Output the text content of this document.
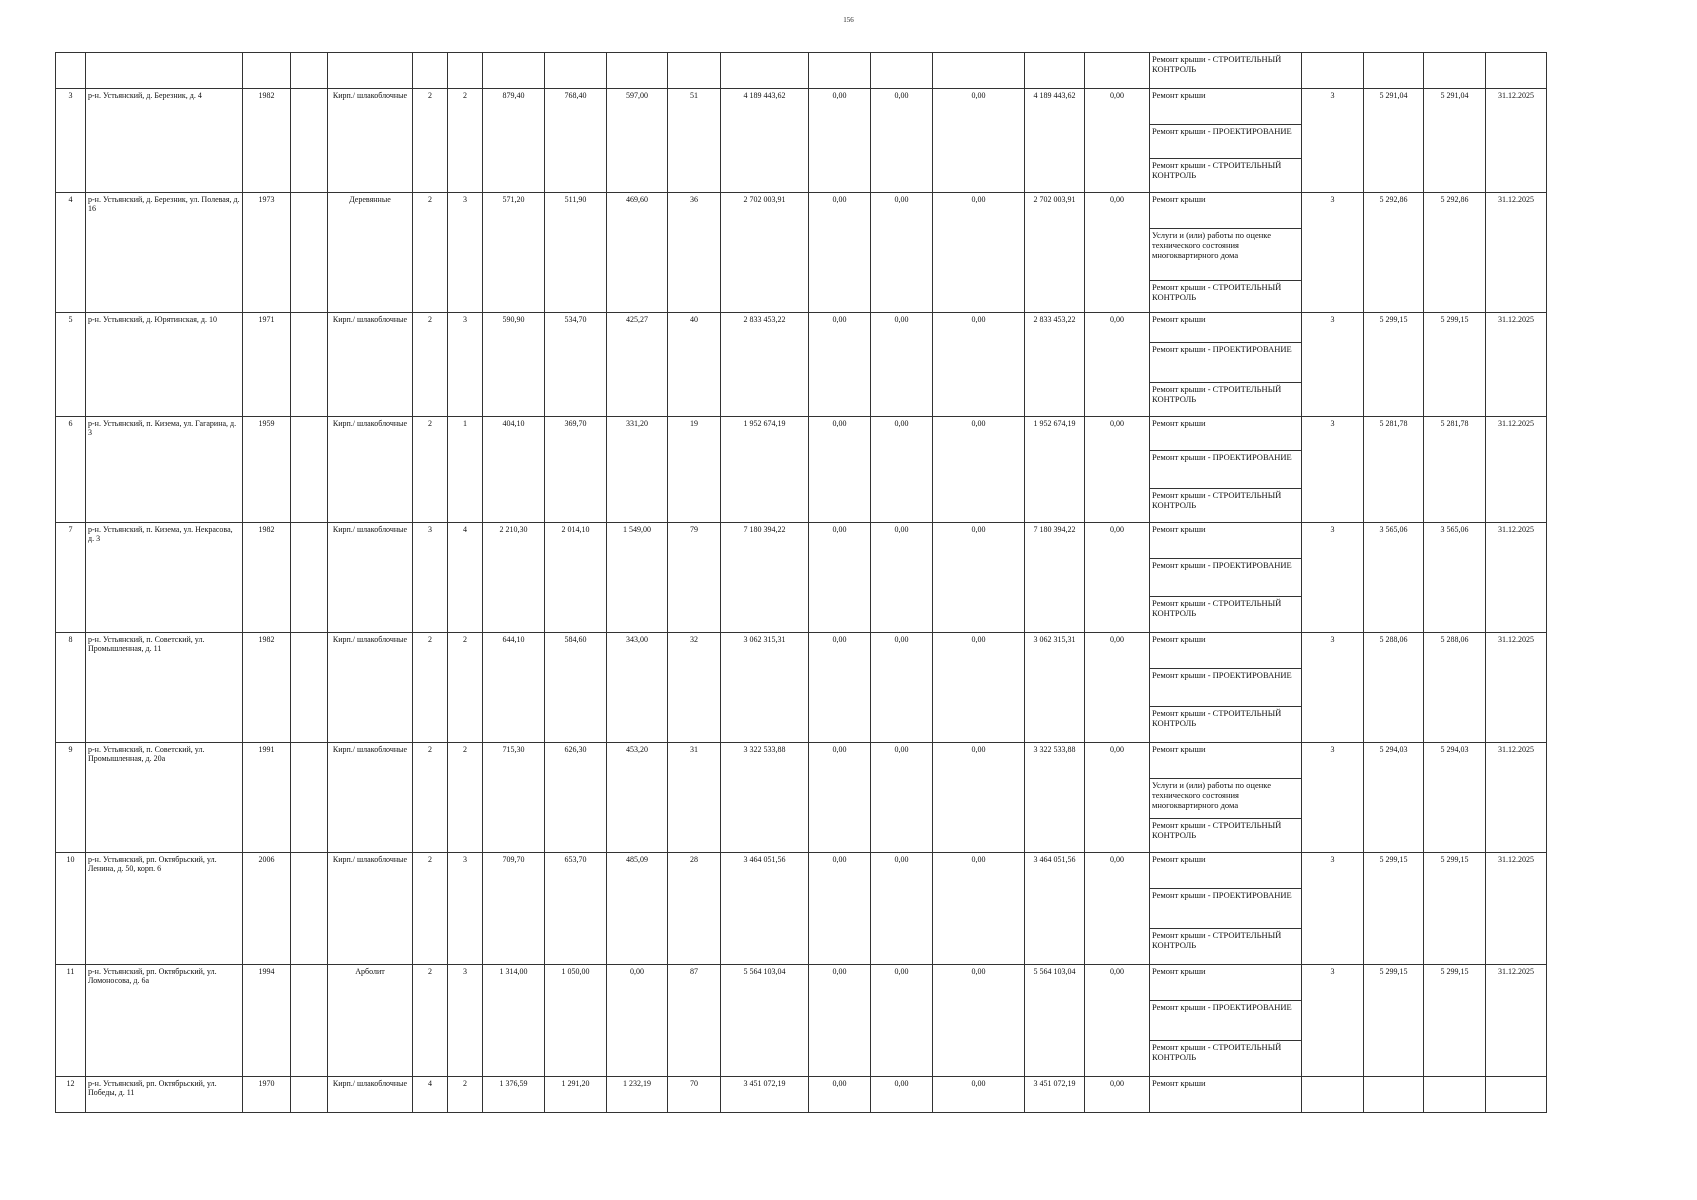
156
																	Ремонт крыши - СТРОИТЕЛЬНЫЙ КОНТРОЛЬ				
3	р-н. Устьянский, д. Березник, д. 4	1982		Кирп./ шлакоблочные	2	2	879,40	768,40	597,00	51	4 189 443,62	0,00	0,00	0,00	4 189 443,62	0,00	Ремонт крыши	3	5 291,04	5 291,04	31.12.2025
																	Ремонт крыши - ПРОЕКТИРОВАНИЕ				
																	Ремонт крыши - СТРОИТЕЛЬНЫЙ КОНТРОЛЬ				
4	р-н. Устьянский, д. Березник, ул. Полевая, д. 16	1973		Деревянные	2	3	571,20	511,90	469,60	36	2 702 003,91	0,00	0,00	0,00	2 702 003,91	0,00	Ремонт крыши	3	5 292,86	5 292,86	31.12.2025
																	Услуги и (или) работы по оценке технического состояния многоквартирного дома				
																	Ремонт крыши - СТРОИТЕЛЬНЫЙ КОНТРОЛЬ				
5	р-н. Устьянский, д. Юрятинская, д. 10	1971		Кирп./ шлакоблочные	2	3	590,90	534,70	425,27	40	2 833 453,22	0,00	0,00	0,00	2 833 453,22	0,00	Ремонт крыши	3	5 299,15	5 299,15	31.12.2025
																	Ремонт крыши - ПРОЕКТИРОВАНИЕ				
																	Ремонт крыши - СТРОИТЕЛЬНЫЙ КОНТРОЛЬ				
6	р-н. Устьянский, п. Кизема, ул. Гагарина, д. 3	1959		Кирп./ шлакоблочные	2	1	404,10	369,70	331,20	19	1 952 674,19	0,00	0,00	0,00	1 952 674,19	0,00	Ремонт крыши	3	5 281,78	5 281,78	31.12.2025
																	Ремонт крыши - ПРОЕКТИРОВАНИЕ				
																	Ремонт крыши - СТРОИТЕЛЬНЫЙ КОНТРОЛЬ				
7	р-н. Устьянский, п. Кизема, ул. Некрасова, д. 3	1982		Кирп./ шлакоблочные	3	4	2 210,30	2 014,10	1 549,00	79	7 180 394,22	0,00	0,00	0,00	7 180 394,22	0,00	Ремонт крыши	3	3 565,06	3 565,06	31.12.2025
																	Ремонт крыши - ПРОЕКТИРОВАНИЕ				
																	Ремонт крыши - СТРОИТЕЛЬНЫЙ КОНТРОЛЬ				
8	р-н. Устьянский, п. Советский, ул. Промышленная, д. 11	1982		Кирп./ шлакоблочные	2	2	644,10	584,60	343,00	32	3 062 315,31	0,00	0,00	0,00	3 062 315,31	0,00	Ремонт крыши	3	5 288,06	5 288,06	31.12.2025
																	Ремонт крыши - ПРОЕКТИРОВАНИЕ				
																	Ремонт крыши - СТРОИТЕЛЬНЫЙ КОНТРОЛЬ				
9	р-н. Устьянский, п. Советский, ул. Промышленная, д. 20а	1991		Кирп./ шлакоблочные	2	2	715,30	626,30	453,20	31	3 322 533,88	0,00	0,00	0,00	3 322 533,88	0,00	Ремонт крыши	3	5 294,03	5 294,03	31.12.2025
																	Услуги и (или) работы по оценке технического состояния многоквартирного дома				
																	Ремонт крыши - СТРОИТЕЛЬНЫЙ КОНТРОЛЬ				
10	р-н. Устьянский, рп. Октябрьский, ул. Ленина, д. 50, корп. 6	2006		Кирп./ шлакоблочные	2	3	709,70	653,70	485,09	28	3 464 051,56	0,00	0,00	0,00	3 464 051,56	0,00	Ремонт крыши	3	5 299,15	5 299,15	31.12.2025
																	Ремонт крыши - ПРОЕКТИРОВАНИЕ				
																	Ремонт крыши - СТРОИТЕЛЬНЫЙ КОНТРОЛЬ				
11	р-н. Устьянский, рп. Октябрьский, ул. Ломоносова, д. 6а	1994		Арболит	2	3	1 314,00	1 050,00	0,00	87	5 564 103,04	0,00	0,00	0,00	5 564 103,04	0,00	Ремонт крыши	3	5 299,15	5 299,15	31.12.2025
																	Ремонт крыши - ПРОЕКТИРОВАНИЕ				
																	Ремонт крыши - СТРОИТЕЛЬНЫЙ КОНТРОЛЬ				
12	р-н. Устьянский, рп. Октябрьский, ул. Победы, д. 11	1970		Кирп./ шлакоблочные	4	2	1 376,59	1 291,20	1 232,19	70	3 451 072,19	0,00	0,00	0,00	3 451 072,19	0,00	Ремонт крыши				
